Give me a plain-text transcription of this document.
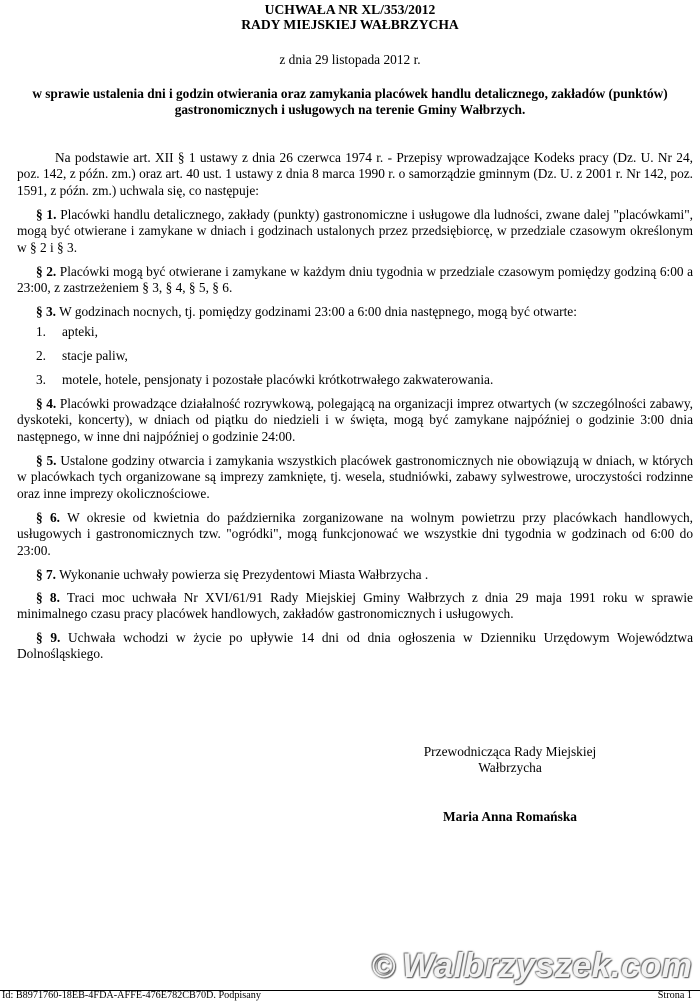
UCHWAŁA NR XL/353/2012
RADY MIEJSKIEJ WAŁBRZYCHA
z dnia 29 listopada 2012 r.
w sprawie ustalenia dni i godzin otwierania oraz zamykania placówek handlu detalicznego, zakładów (punktów) gastronomicznych i usługowych na terenie Gminy Wałbrzych.

Na podstawie art. XII § 1 ustawy z dnia 26 czerwca 1974 r. - Przepisy wprowadzające Kodeks pracy (Dz. U. Nr 24, poz. 142, z późn. zm.) oraz art. 40 ust. 1 ustawy z dnia 8 marca 1990 r. o samorządzie gminnym (Dz. U. z 2001 r. Nr 142, poz. 1591, z późn. zm.) uchwala się, co następuje:

§ 1. Placówki handlu detalicznego, zakłady (punkty) gastronomiczne i usługowe dla ludności, zwane dalej "placówkami", mogą być otwierane i zamykane w dniach i godzinach ustalonych przez przedsiębiorcę, w przedziale czasowym określonym w § 2 i § 3.

§ 2. Placówki mogą być otwierane i zamykane w każdym dniu tygodnia w przedziale czasowym pomiędzy godziną 6:00 a 23:00, z zastrzeżeniem § 3, § 4, § 5, § 6.

§ 3. W godzinach nocnych, tj. pomiędzy godzinami 23:00 a 6:00 dnia następnego, mogą być otwarte:

1. apteki,
2. stacje paliw,
3. motele, hotele, pensjonaty i pozostałe placówki krótkotrwałego zakwaterowania.

§ 4. Placówki prowadzące działalność rozrywkową, polegającą na organizacji imprez otwartych (w szczególności zabawy, dyskoteki, koncerty), w dniach od piątku do niedzieli i w święta, mogą być zamykane najpóźniej o godzinie 3:00 dnia następnego, w inne dni najpóźniej o godzinie 24:00.

§ 5. Ustalone godziny otwarcia i zamykania wszystkich placówek gastronomicznych nie obowiązują w dniach, w których w placówkach tych organizowane są imprezy zamknięte, tj. wesela, studniówki, zabawy sylwestrowe, uroczystości rodzinne oraz inne imprezy okolicznościowe.

§ 6. W okresie od kwietnia do października zorganizowane na wolnym powietrzu przy placówkach handlowych, usługowych i gastronomicznych tzw. "ogródki", mogą funkcjonować we wszystkie dni tygodnia w godzinach od 6:00 do 23:00.

§ 7. Wykonanie uchwały powierza się Prezydentowi Miasta Wałbrzycha .

§ 8. Traci moc uchwała Nr XVI/61/91 Rady Miejskiej Gminy Wałbrzych z dnia 29 maja 1991 roku w sprawie minimalnego czasu pracy placówek handlowych, zakładów gastronomicznych i usługowych.

§ 9. Uchwała wchodzi w życie po upływie 14 dni od dnia ogłoszenia w Dzienniku Urzędowym Województwa Dolnośląskiego.

Przewodnicząca Rady Miejskiej
Wałbrzycha
Maria Anna Romańska
© Walbrzyszek.com
Id: B8971760-18EB-4FDA-AFFE-476E782CB70D. Podpisany	Strona 1
